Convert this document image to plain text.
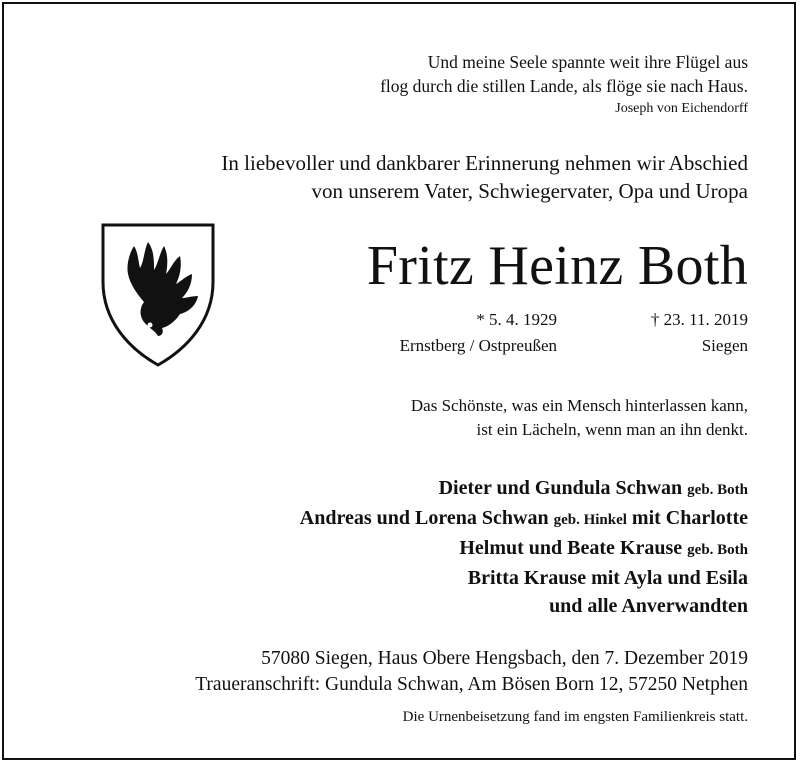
Und meine Seele spannte weit ihre Flügel aus
flog durch die stillen Lande, als flöge sie nach Haus.
Joseph von Eichendorff
In liebevoller und dankbarer Erinnerung nehmen wir Abschied
von unserem Vater, Schwiegervater, Opa und Uropa
Fritz Heinz Both
* 5. 4. 1929
Ernstberg / Ostpreußen
† 23. 11. 2019
Siegen
Das Schönste, was ein Mensch hinterlassen kann,
ist ein Lächeln, wenn man an ihn denkt.
Dieter und Gundula Schwan geb. Both
Andreas und Lorena Schwan geb. Hinkel mit Charlotte
Helmut und Beate Krause geb. Both
Britta Krause mit Ayla und Esila
und alle Anverwandten
57080 Siegen, Haus Obere Hengsbach, den 7. Dezember 2019
Traueranschrift: Gundula Schwan, Am Bösen Born 12, 57250 Netphen
Die Urnenbeisetzung fand im engsten Familienkreis statt.
